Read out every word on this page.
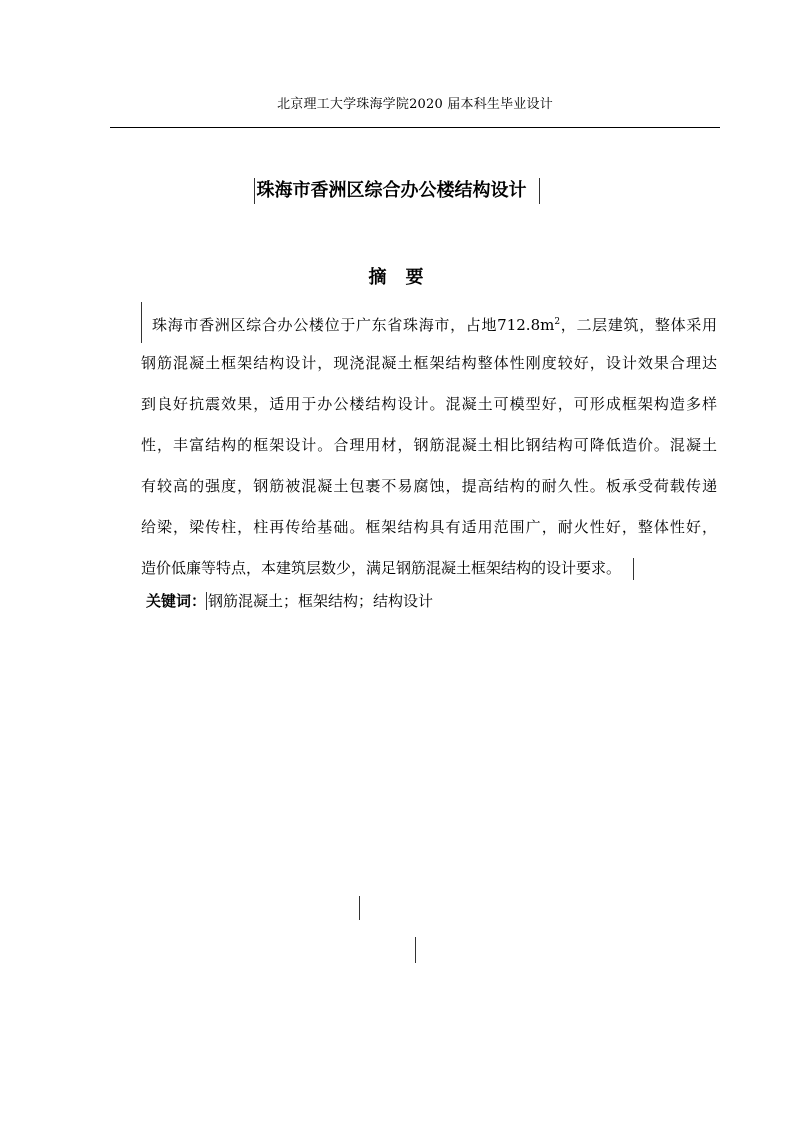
北京理工大学珠海学院2020 届本科生毕业设计
珠海市香洲区综合办公楼结构设计
摘 要
珠海市香洲区综合办公楼位于广东省珠海市，占地$712.8m^2$，二层建筑，整体采用
钢筋混凝土框架结构设计，现浇混凝土框架结构整体性刚度较好，设计效果合理达
到良好抗震效果，适用于办公楼结构设计。混凝土可模型好，可形成框架构造多样
性，丰富结构的框架设计。合理用材，钢筋混凝土相比钢结构可降低造价。混凝土
有较高的强度，钢筋被混凝土包裹不易腐蚀，提高结构的耐久性。板承受荷载传递
给梁，梁传柱，柱再传给基础。框架结构具有适用范围广，耐火性好，整体性好，
造价低廉等特点，本建筑层数少，满足钢筋混凝土框架结构的设计要求。
关键词： 钢筋混凝土；框架结构；结构设计
